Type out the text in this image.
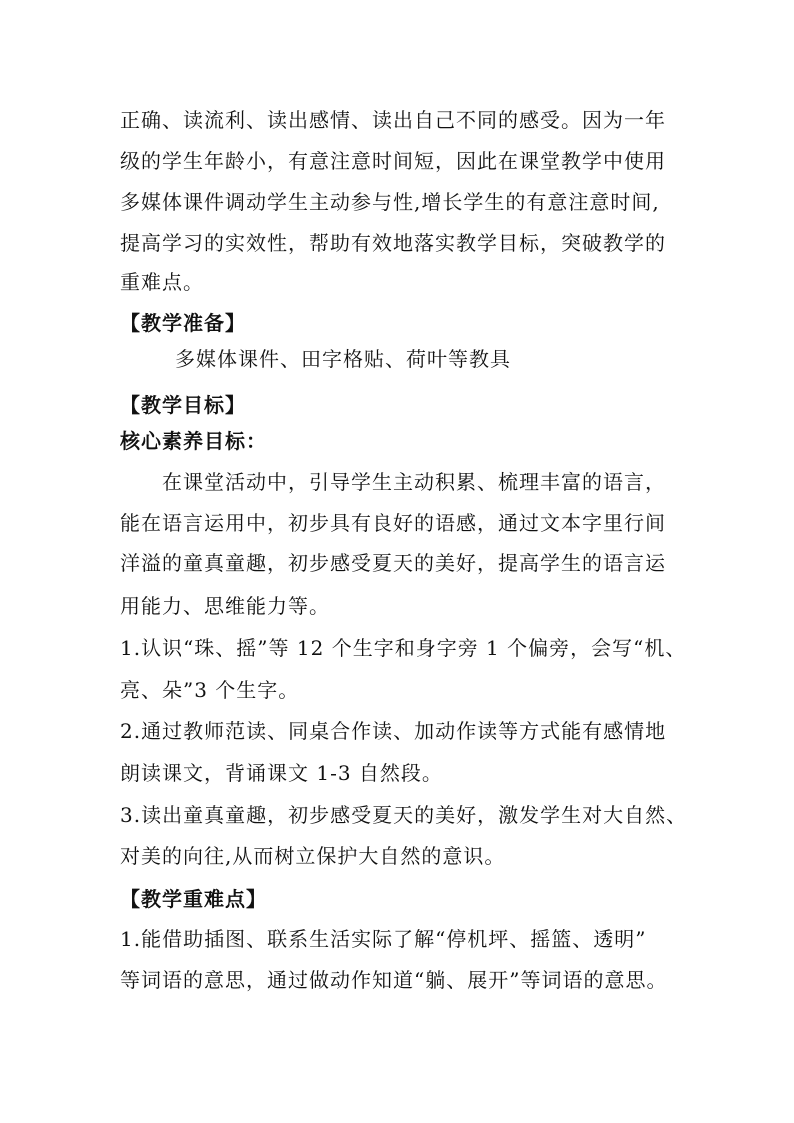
正确、读流利、读出感情、读出自己不同的感受。因为一年
级的学生年龄小，有意注意时间短，因此在课堂教学中使用
多媒体课件调动学生主动参与性,增长学生的有意注意时间,
提高学习的实效性，帮助有效地落实教学目标，突破教学的
重难点。
【教学准备】
多媒体课件、田字格贴、荷叶等教具
【教学目标】
核心素养目标：
在课堂活动中，引导学生主动积累、梳理丰富的语言，
能在语言运用中，初步具有良好的语感，通过文本字里行间
洋溢的童真童趣，初步感受夏天的美好，提高学生的语言运
用能力、思维能力等。
1.认识“珠、摇”等 12 个生字和身字旁 1 个偏旁，会写“机、
亮、朵”3 个生字。
2.通过教师范读、同桌合作读、加动作读等方式能有感情地
朗读课文，背诵课文 1-3 自然段。
3.读出童真童趣，初步感受夏天的美好，激发学生对大自然、
对美的向往,从而树立保护大自然的意识。
【教学重难点】
1.能借助插图、联系生活实际了解“停机坪、摇篮、透明”
等词语的意思，通过做动作知道“躺、展开”等词语的意思。
